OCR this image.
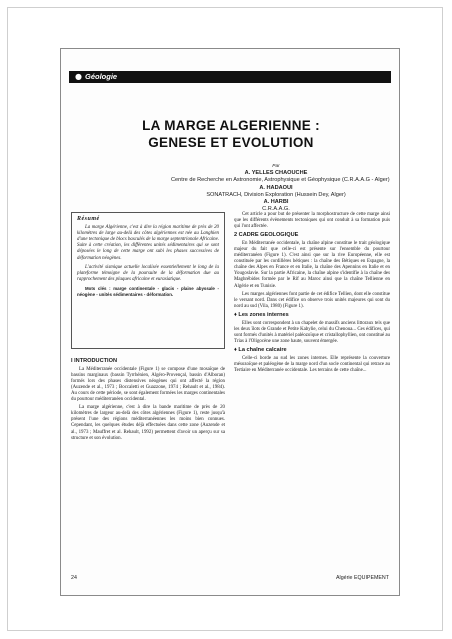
● Géologie
LA MARGE ALGERIENNE :
GENESE ET EVOLUTION
Par
A. YELLES CHAOUCHE
Centre de Recherche en Astronomie, Astrophysique et Géophysique (C.R.A.A.G - Alger)
A. HADAOUI
SONATRACH, Division Exploration (Hussein Dey, Alger)
A. HARBI
C.R.A.A.G.
Résumé

La marge Algérienne, c'est à dire la région maritime de près de 20 kilomètres de large au-delà des côtes algériennes est née au Langhien d'une tectonique de blocs basculés de la marge septentrionale Africaine. Suite à cette création, les différentes unités sédimentaires qui se sont déposées le long de cette marge ont subi les phases successives de déformation néogènes.

L'activité sismique actuelle localisée essentiellement le long de la plateforme témoigne de la poursuite de la déformation due au rapprochement des plaques africaine et eurasiatique.

Mots clés : marge continentale - glacis - plaine abyssale - néogène - unités sédimentaires - déformation.

I INTRODUCTION

La Méditerranée occidentale (Figure 1) se compose d'une mosaïque de bassins marginaux (bassin Tyrrhénien, Algéro-Provençal, bassin d'Alboran) formés lors des phases distensives néogènes qui ont affecté la région (Auzende et al., 1973 ; Boccaletti et Guazzone, 1974 ; Rehault et al., 1984). Au cours de cette période, se sont également formées les marges continentales du pourtour méditerranéen occidental.

La marge algérienne, c'est à dire la bande maritime de près de 20 kilomètres de largeur au-delà des côtes algériennes (Figure 1), reste jusqu'à présent l'une des régions méditerranéennes les moins bien connues. Cependant, les quelques études déjà effectuées dans cette zone (Auzende et al., 1973 ; Mauffret et al. Rehault, 1992) permettent d'avoir un aperçu sur sa structure et son évolution.

Cet article a pour but de présenter la morphostructure de cette marge ainsi que les différents évènements tectoniques qui ont conduit à sa formation puis qui l'ont affectée.

2 CADRE GEOLOGIQUE

En Méditerranée occidentale, la chaîne alpine constitue le trait géologique majeur du fait que celle-ci est présente sur l'ensemble du pourtour méditerranéen (Figure 1). C'est ainsi que sur la rive Européenne, elle est constituée par les cordillères bétiques : la chaîne des Bétiques en Espagne, la chaîne des Alpes en France et en Italie, la chaîne des Apennins en Italie et en Yougoslavie. Sur la partie Africaine, la chaîne alpine s'identifie à la chaîne des Maghrébides formée par le Rif au Maroc ainsi que la chaîne Tellienne en Algérie et en Tunisie.

Les marges algériennes font partie de cet édifice Tellien, dont elle constitue le versant nord. Dans cet édifice on observe trois unités majeures qui sont du nord au sud (Vila, 1980) (Figure 1).

♦ Les zones internes

Elles sont correspondent à un chapelet de massifs anciens littoraux tels que les deux îlots de Grande et Petite Kabylie, celui du Chenoua... Ces édifices, qui sont formés d'unités à matériel paléozoïque et cristallophyllien, ont constitué au Trias à l'Oligocène une zone haute, souvent émergée.

♦ La chaîne calcaire

Celle-ci borde au sud les zones internes. Elle représente la couverture mésozoïque et paléogène de la marge nord d'un socle continental qui retrace au Tertiaire en Méditerranée occidentale. Les terrains de cette chaîne...

24	Algérie EQUIPEMENT
